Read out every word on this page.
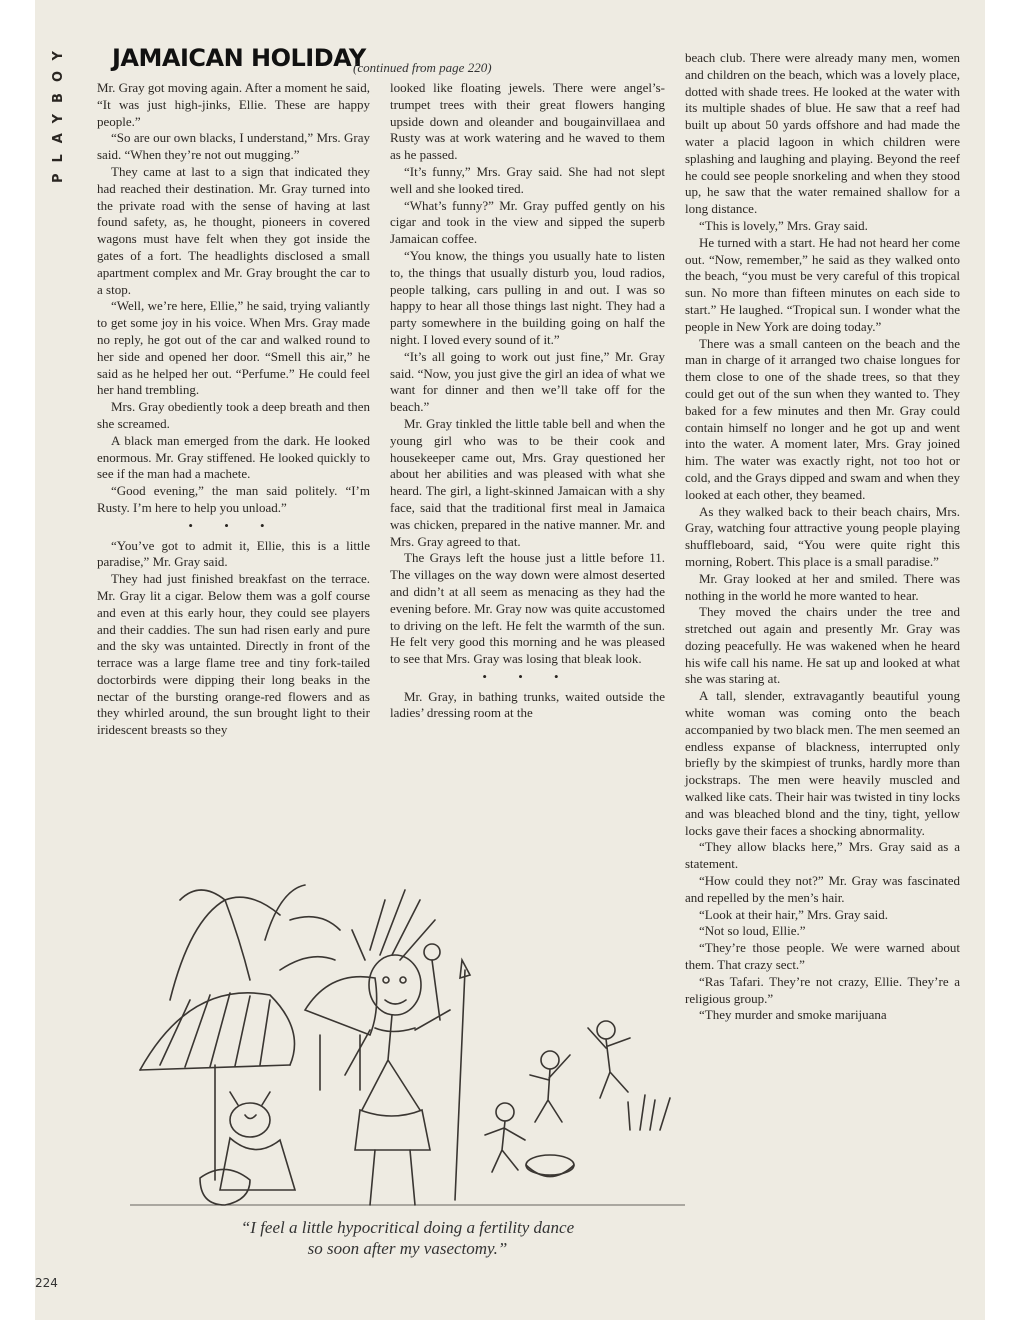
PLAYBOY	JAMAICAN HOLIDAY
(continued from page 220)

Mr. Gray got moving again. After a moment he said, “It was just high-jinks, Ellie. These are happy people.”

“So are our own blacks, I understand,” Mrs. Gray said. “When they’re not out mugging.”

They came at last to a sign that indicated they had reached their destination. Mr. Gray turned into the private road with the sense of having at last found safety, as, he thought, pioneers in covered wagons must have felt when they got inside the gates of a fort. The headlights disclosed a small apartment complex and Mr. Gray brought the car to a stop.

“Well, we’re here, Ellie,” he said, trying valiantly to get some joy in his voice. When Mrs. Gray made no reply, he got out of the car and walked round to her side and opened her door. “Smell this air,” he said as he helped her out. “Perfume.” He could feel her hand trembling.

Mrs. Gray obediently took a deep breath and then she screamed.

A black man emerged from the dark. He looked enormous. Mr. Gray stiffened. He looked quickly to see if the man had a machete.

“Good evening,” the man said politely. “I’m Rusty. I’m here to help you unload.”

• • •

“You’ve got to admit it, Ellie, this is a little paradise,” Mr. Gray said.

They had just finished breakfast on the terrace. Mr. Gray lit a cigar. Below them was a golf course and even at this early hour, they could see players and their caddies. The sun had risen early and pure and the sky was untainted. Directly in front of the terrace was a large flame tree and tiny fork-tailed doctorbirds were dipping their long beaks in the nectar of the bursting orange-red flowers and as they whirled around, the sun brought light to their iridescent breasts so they

looked like floating jewels. There were angel’s-trumpet trees with their great flowers hanging upside down and oleander and bougainvillaea and Rusty was at work watering and he waved to them as he passed.

“It’s funny,” Mrs. Gray said. She had not slept well and she looked tired.

“What’s funny?” Mr. Gray puffed gently on his cigar and took in the view and sipped the superb Jamaican coffee.

“You know, the things you usually hate to listen to, the things that usually disturb you, loud radios, people talking, cars pulling in and out. I was so happy to hear all those things last night. They had a party somewhere in the building going on half the night. I loved every sound of it.”

“It’s all going to work out just fine,” Mr. Gray said. “Now, you just give the girl an idea of what we want for dinner and then we’ll take off for the beach.”

Mr. Gray tinkled the little table bell and when the young girl who was to be their cook and housekeeper came out, Mrs. Gray questioned her about her abilities and was pleased with what she heard. The girl, a light-skinned Jamaican with a shy face, said that the traditional first meal in Jamaica was chicken, prepared in the native manner. Mr. and Mrs. Gray agreed to that.

The Grays left the house just a little before 11. The villages on the way down were almost deserted and didn’t at all seem as menacing as they had the evening before. Mr. Gray now was quite accustomed to driving on the left. He felt the warmth of the sun. He felt very good this morning and he was pleased to see that Mrs. Gray was losing that bleak look.

• • •

Mr. Gray, in bathing trunks, waited outside the ladies’ dressing room at the

beach club. There were already many men, women and children on the beach, which was a lovely place, dotted with shade trees. He looked at the water with its multiple shades of blue. He saw that a reef had built up about 50 yards offshore and had made the water a placid lagoon in which children were splashing and laughing and playing. Beyond the reef he could see people snorkeling and when they stood up, he saw that the water remained shallow for a long distance.

“This is lovely,” Mrs. Gray said.

He turned with a start. He had not heard her come out. “Now, remember,” he said as they walked onto the beach, “you must be very careful of this tropical sun. No more than fifteen minutes on each side to start.” He laughed. “Tropical sun. I wonder what the people in New York are doing today.”

There was a small canteen on the beach and the man in charge of it arranged two chaise longues for them close to one of the shade trees, so that they could get out of the sun when they wanted to. They baked for a few minutes and then Mr. Gray could contain himself no longer and he got up and went into the water. A moment later, Mrs. Gray joined him. The water was exactly right, not too hot or cold, and the Grays dipped and swam and when they looked at each other, they beamed.

As they walked back to their beach chairs, Mrs. Gray, watching four attractive young people playing shuffleboard, said, “You were quite right this morning, Robert. This place is a small paradise.”

Mr. Gray looked at her and smiled. There was nothing in the world he more wanted to hear.

They moved the chairs under the tree and stretched out again and presently Mr. Gray was dozing peacefully. He was wakened when he heard his wife call his name. He sat up and looked at what she was staring at.

A tall, slender, extravagantly beautiful young white woman was coming onto the beach accompanied by two black men. The men seemed an endless expanse of blackness, interrupted only briefly by the skimpiest of trunks, hardly more than jockstraps. The men were heavily muscled and walked like cats. Their hair was twisted in tiny locks and was bleached blond and the tiny, tight, yellow locks gave their faces a shocking abnormality.

“They allow blacks here,” Mrs. Gray said as a statement.

“How could they not?” Mr. Gray was fascinated and repelled by the men’s hair.

“Look at their hair,” Mrs. Gray said.

“Not so loud, Ellie.”

“They’re those people. We were warned about them. That crazy sect.”

“Ras Tafari. They’re not crazy, Ellie. They’re a religious group.”

“They murder and smoke marijuana

“I feel a little hypocritical doing a fertility dance
so soon after my vasectomy.”
224
